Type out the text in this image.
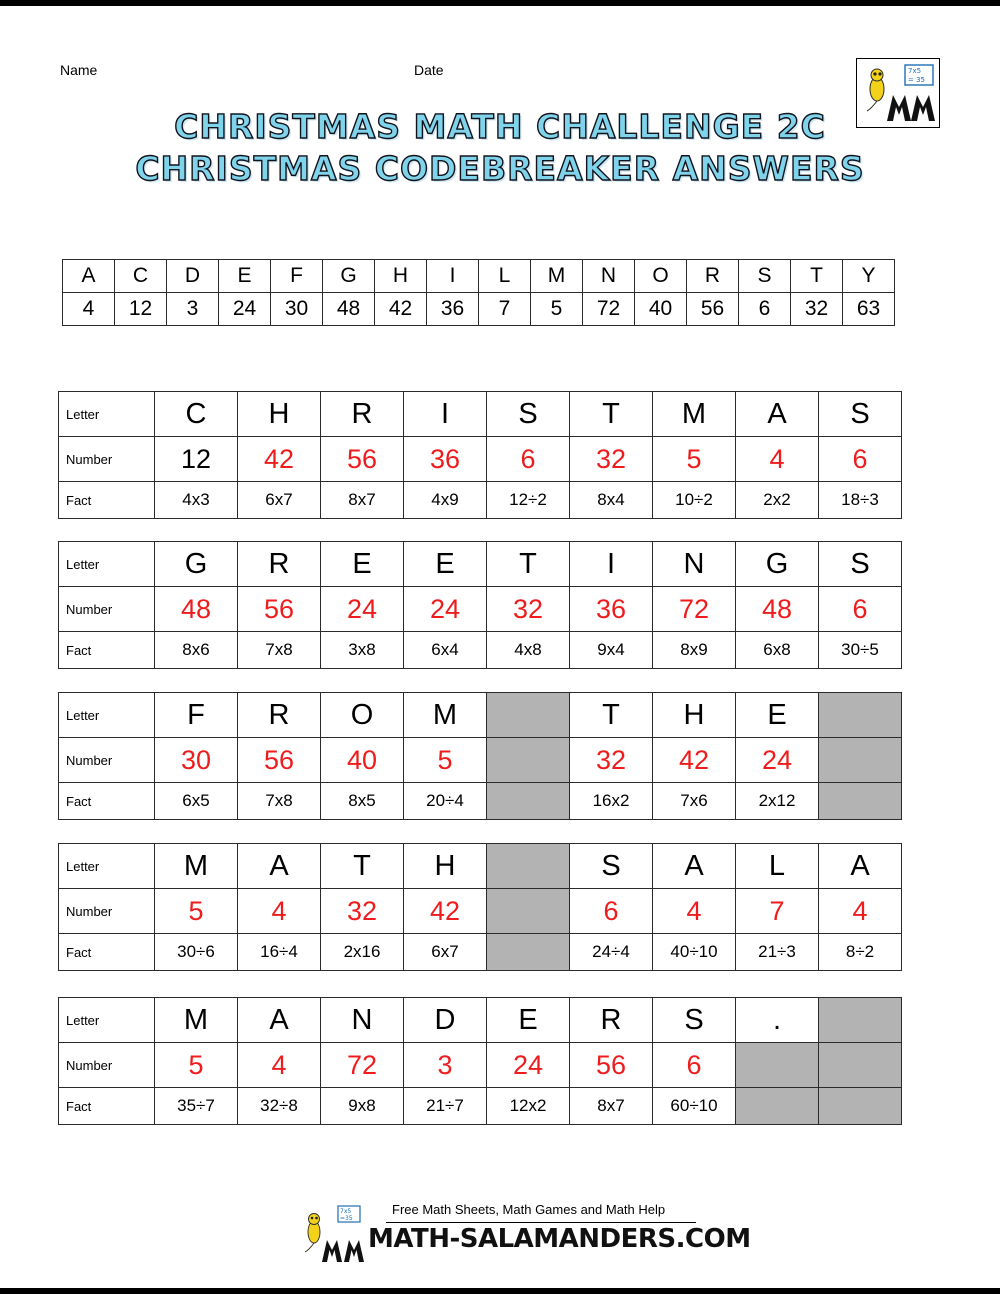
Name	Date	7x5
= 35
CHRISTMAS MATH CHALLENGE 2C
CHRISTMAS CODEBREAKER ANSWERS
A	C	D	E	F	G	H	I	L	M	N	O	R	S	T	Y
4	12	3	24	30	48	42	36	7	5	72	40	56	6	32	63
Letter	C	H	R	I	S	T	M	A	S
Number	12	42	56	36	6	32	5	4	6
Fact	4x3	6x7	8x7	4x9	12÷2	8x4	10÷2	2x2	18÷3
Letter	G	R	E	E	T	I	N	G	S
Number	48	56	24	24	32	36	72	48	6
Fact	8x6	7x8	3x8	6x4	4x8	9x4	8x9	6x8	30÷5
Letter	F	R	O	M		T	H	E	
Number	30	56	40	5		32	42	24	
Fact	6x5	7x8	8x5	20÷4		16x2	7x6	2x12	
Letter	M	A	T	H		S	A	L	A
Number	5	4	32	42		6	4	7	4
Fact	30÷6	16÷4	2x16	6x7		24÷4	40÷10	21÷3	8÷2
Letter	M	A	N	D	E	R	S	.	
Number	5	4	72	3	24	56	6		
Fact	35÷7	32÷8	9x8	21÷7	12x2	8x7	60÷10		
7x5
=35
Free Math Sheets, Math Games and Math Help
MATH-SALAMANDERS.COM
